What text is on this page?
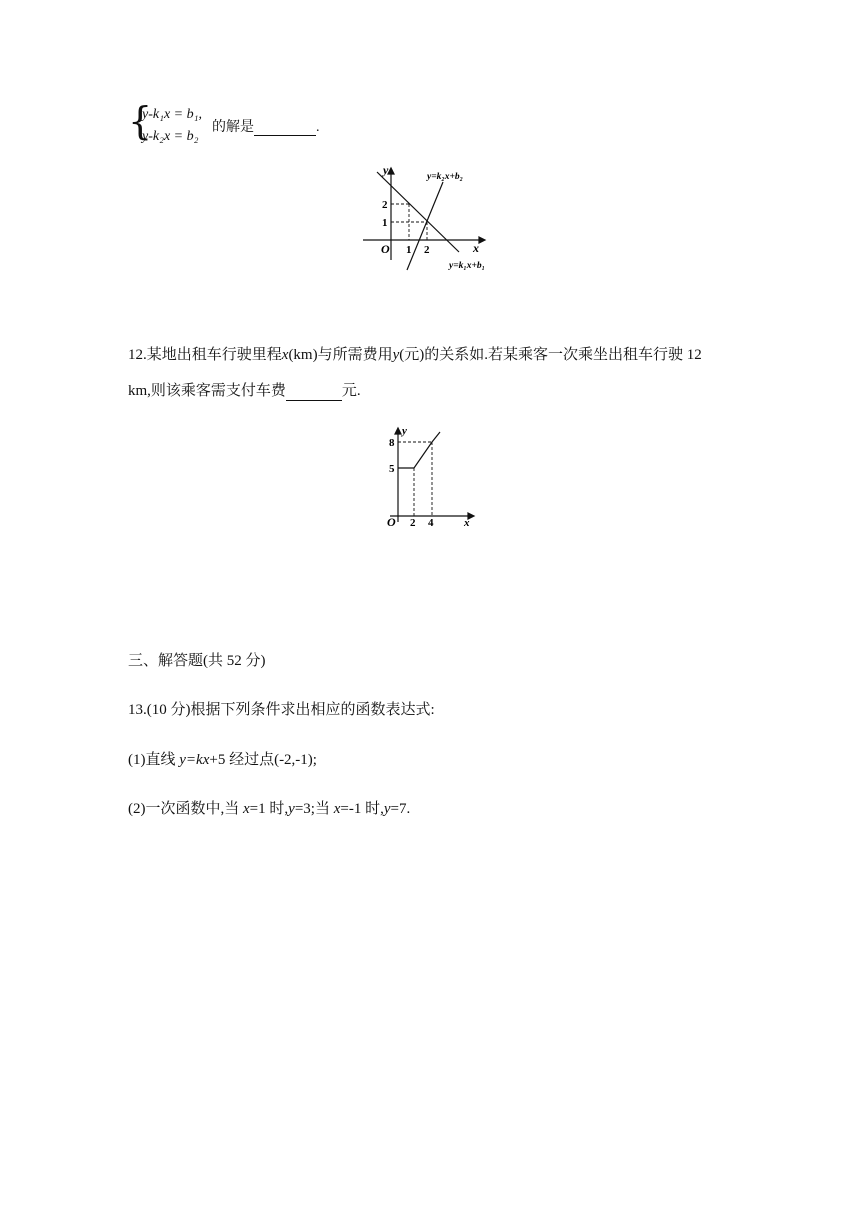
{
y-k₁x = b₁,
y-k₂x = b₂
的解是	.
y
x
O 1 2
1
2
y=k₂x+b₂
y=k₁x+b₁
12.某地出租车行驶里程x(km)与所需费用y(元)的关系如.若某乘客一次乘坐出租车行驶 12
km,则该乘客需支付车费	元.
y
x
O 2 4
5
8
三、解答题(共 52 分)
13.(10 分)根据下列条件求出相应的函数表达式:
(1)直线 y=kx+5 经过点(-2,-1);
(2)一次函数中,当 x=1 时,y=3;当 x=-1 时,y=7.
